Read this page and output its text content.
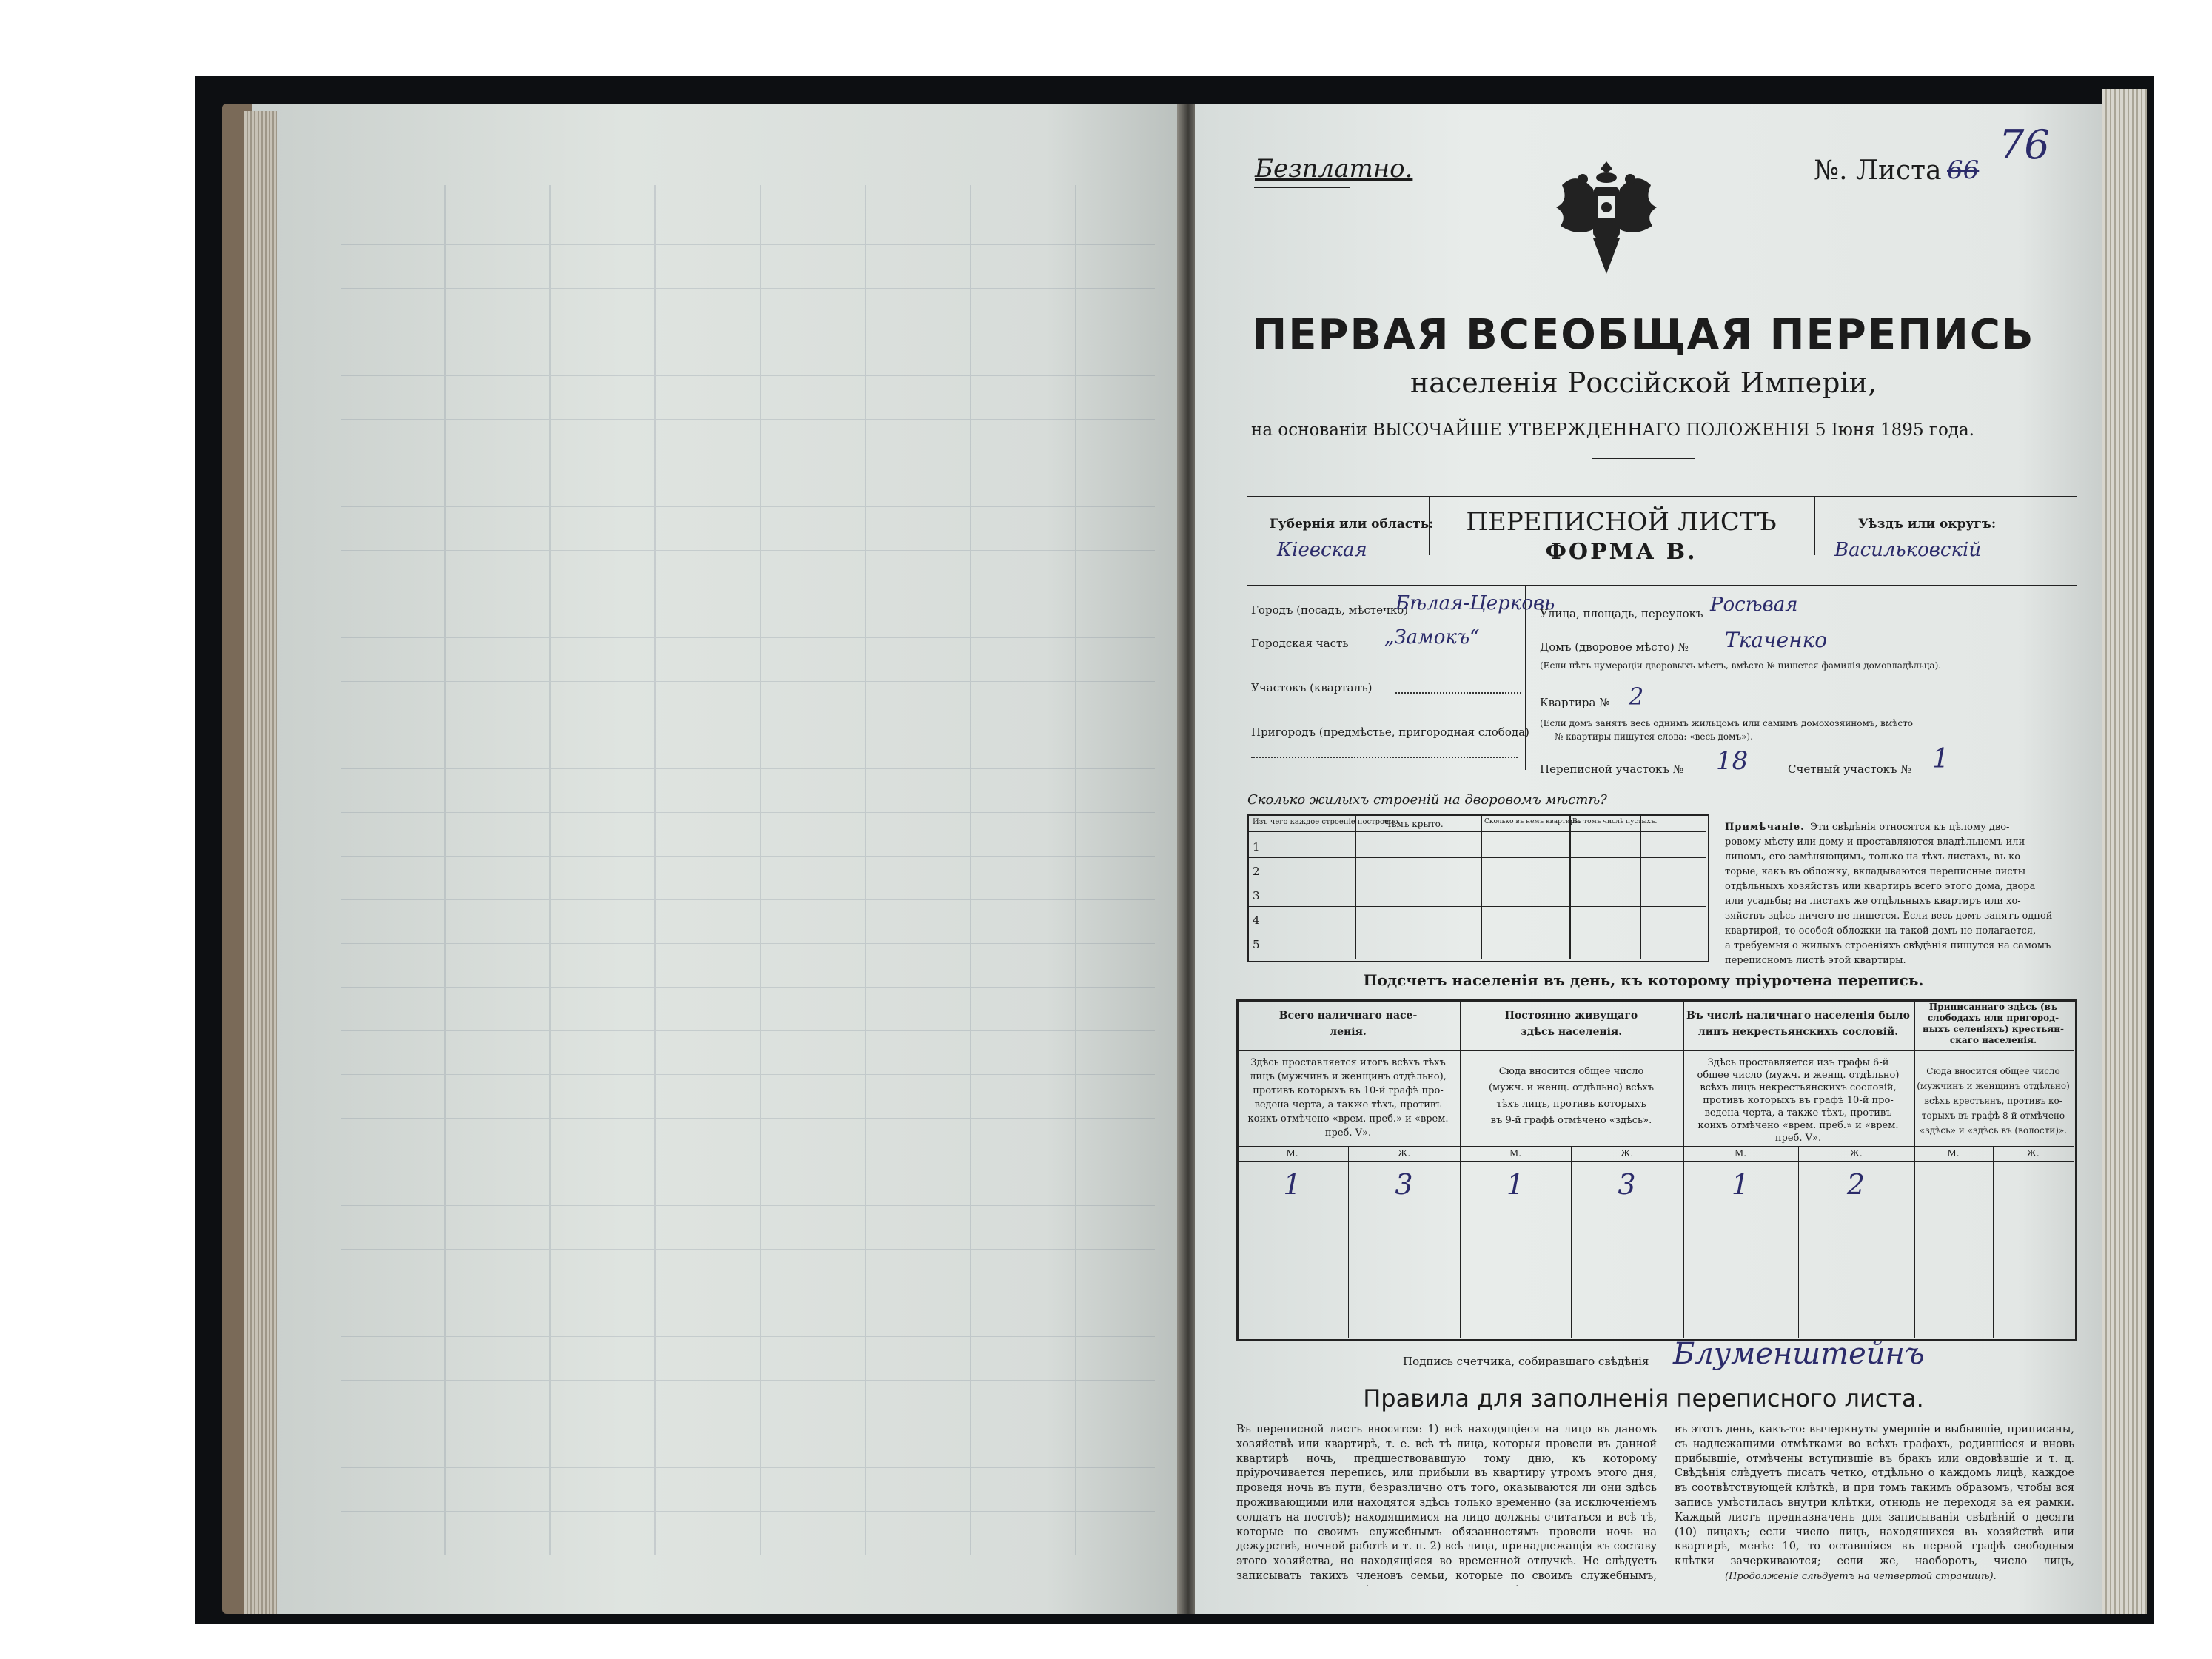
Безплатно.	№. Листа 66
76
ПЕРВАЯ ВСЕОБЩАЯ ПЕРЕПИСЬ
населенія Россійской Имперіи,
на основаніи ВЫСОЧАЙШЕ УТВЕРЖДЕННАГО ПОЛОЖЕНІЯ 5 Іюня 1895 года.
Губернія или область:
Кіевская
ПЕРЕПИСНОЙ ЛИСТЪ
ФОРМА В.
Уѣздъ или округъ:
Васильковскій
Городъ (посадъ, мѣстечко)
Бѣлая-Церковь
Городская часть „Замокъ“
Участокъ (кварталъ)
Пригородъ (предмѣстье, пригородная слобода)
Улица, площадь, переулокъ Росѣвая
Домъ (дворовое мѣсто) № Ткаченко
(Если нѣтъ нумераціи дворовыхъ мѣстъ, вмѣсто № пишется фамилія домовладѣльца).
Квартира № 2
(Если домъ занятъ весь однимъ жильцомъ или самимъ домохозяиномъ, вмѣсто
№ квартиры пишутся слова: «весь домъ»).
Переписной участокъ № 18	Счетный участокъ № 1
Сколько жилыхъ строеній на дворовомъ мѣстѣ?
Изъ чего каждое строеніе построено.
Чѣмъ крыто.	Сколько въ немъ квартиръ.
Въ томъ числѣ пустыхъ.
1
2
3
4
5
Примѣчаніе. Эти свѣдѣнія относятся къ цѣлому дво-
ровому мѣсту или дому и проставляются владѣльцемъ или
лицомъ, его замѣняющимъ, только на тѣхъ листахъ, въ ко-
торые, какъ въ обложку, вкладываются переписные листы
отдѣльныхъ хозяйствъ или квартиръ всего этого дома, двора
или усадьбы; на листахъ же отдѣльныхъ квартиръ или хо-
зяйствъ здѣсь ничего не пишется. Если весь домъ занятъ одной
квартирой, то особой обложки на такой домъ не полагается,
а требуемыя о жилыхъ строеніяхъ свѣдѣнія пишутся на самомъ
переписномъ листѣ этой квартиры.
Подсчетъ населенія въ день, къ которому пріурочена перепись.
Всего наличнаго насе-
ленія.
Здѣсь проставляется итогъ всѣхъ тѣхъ
лицъ (мужчинъ и женщинъ отдѣльно),
противъ которыхъ въ 10-й графѣ про-
ведена черта, а также тѣхъ, противъ
коихъ отмѣчено «врем. преб.» и «врем.
преб. V».
М.	Ж.
1	3
Постоянно живущаго
здѣсь населенія.
Сюда вносится общее число
(мужч. и женщ. отдѣльно) всѣхъ
тѣхъ лицъ, противъ которыхъ
въ 9-й графѣ отмѣчено «здѣсь».
М.	Ж.
1	3
Въ числѣ наличнаго населенія было
лицъ некрестьянскихъ сословій.
Здѣсь проставляется изъ графы 6-й
общее число (мужч. и женщ. отдѣльно)
всѣхъ лицъ некрестьянскихъ сословій,
противъ которыхъ въ графѣ 10-й про-
ведена черта, а также тѣхъ, противъ
коихъ отмѣчено «врем. преб.» и «врем.
преб. V».
М.	Ж.
1	2
Приписаннаго здѣсь (въ
слободахъ или пригород-
ныхъ селеніяхъ) крестьян-
скаго населенія.
Сюда вносится общее число
(мужчинъ и женщинъ отдѣльно)
всѣхъ крестьянъ, противъ ко-
торыхъ въ графѣ 8-й отмѣчено
«здѣсь» и «здѣсь въ (волости)».
М.	Ж.
Подпись счетчика, собиравшаго свѣдѣнія Блуменштейнъ
Правила для заполненія переписного листа.
Въ переписной листъ вносятся: 1) всѣ находящіеся на лицо въ даномъ хозяйствѣ или квартирѣ, т. е. всѣ тѣ лица, которыя провели въ данной квартирѣ ночь, предшествовавшую тому дню, къ которому пріурочивается перепись, или прибыли въ квартиру утромъ этого дня, проведя ночь въ пути, безразлично отъ того, оказываются ли они здѣсь проживающими или находятся здѣсь только временно (за исключеніемъ солдатъ на постоѣ); находящимися на лицо должны считаться и всѣ тѣ, которые по своимъ служебнымъ обязанностямъ провели ночь на дежурствѣ, ночной работѣ и т. п. 2) всѣ лица, принадлежащія къ составу этого хозяйства, но находящіяся во временной отлучкѣ. Не слѣдуетъ записывать такихъ членовъ семьи, которые по своимъ служебнымъ,
въ этотъ день, какъ-то: вычеркнуты умершіе и выбывшіе, приписаны, съ надлежащими отмѣтками во всѣхъ графахъ, родившіеся и вновь прибывшіе, отмѣчены вступившіе въ бракъ или овдовѣвшіе и т. д. Свѣдѣнія слѣдуетъ писать четко, отдѣльно о каждомъ лицѣ, каждое въ соотвѣтствующей клѣткѣ, и при томъ такимъ образомъ, чтобы вся запись умѣстилась внутри клѣтки, отнюдь не переходя за ея рамки. Каждый листъ предназначенъ для записыванія свѣдѣній о десяти (10) лицахъ; если число лицъ, находящихся въ хозяйствѣ или квартирѣ, менѣе 10, то оставшіяся въ первой графѣ свободныя клѣтки зачеркиваются; если же, наоборотъ, число лицъ,
(Продолженіе слѣдуетъ на четвертой страницѣ).
